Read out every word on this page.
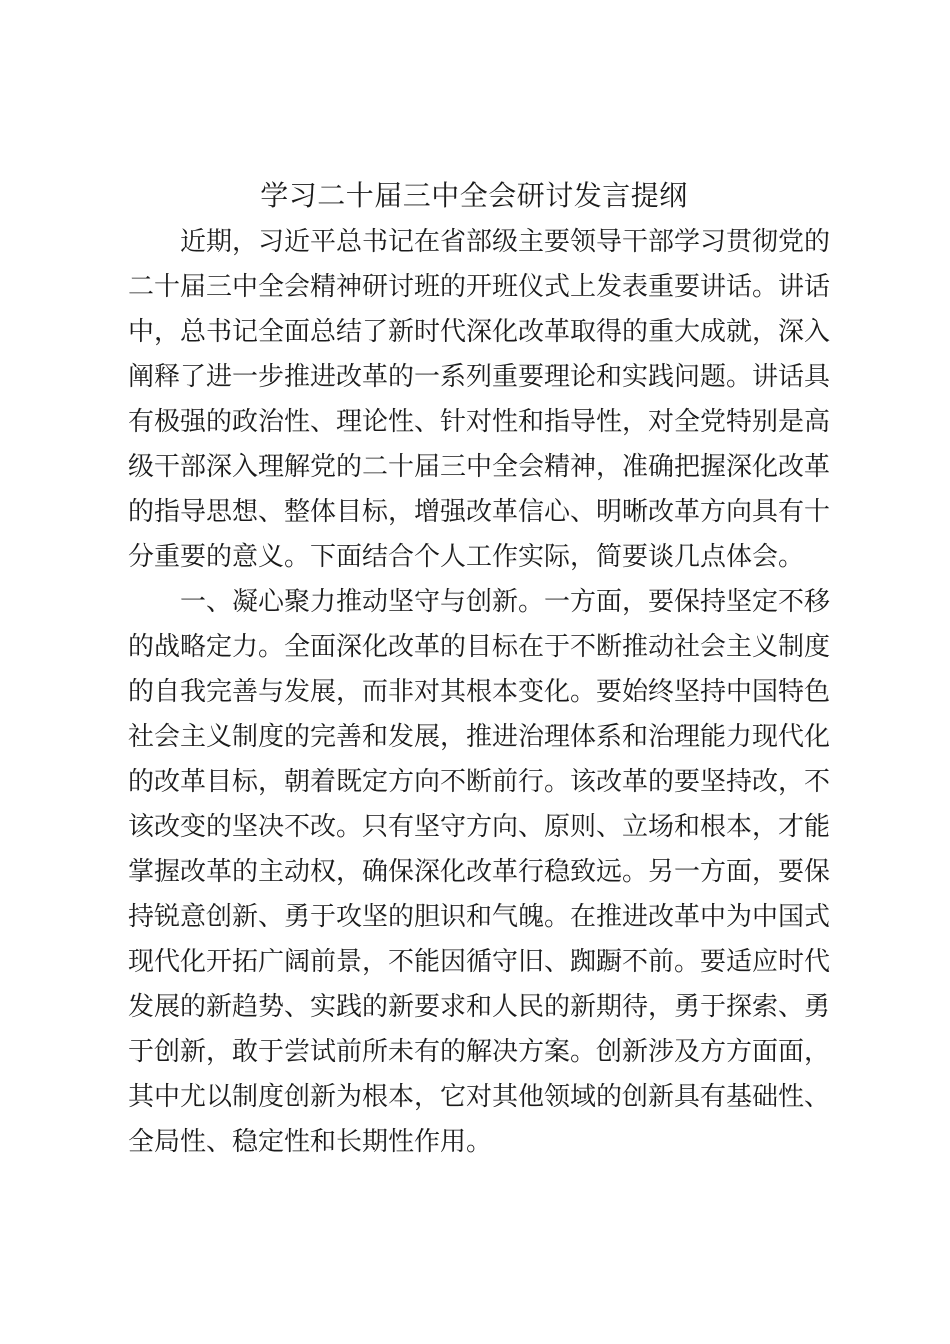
学习二十届三中全会研讨发言提纲
近期，习近平总书记在省部级主要领导干部学习贯彻党的
二十届三中全会精神研讨班的开班仪式上发表重要讲话。讲话
中，总书记全面总结了新时代深化改革取得的重大成就，深入
阐释了进一步推进改革的一系列重要理论和实践问题。讲话具
有极强的政治性、理论性、针对性和指导性，对全党特别是高
级干部深入理解党的二十届三中全会精神，准确把握深化改革
的指导思想、整体目标，增强改革信心、明晰改革方向具有十
分重要的意义。下面结合个人工作实际，简要谈几点体会。
一、凝心聚力推动坚守与创新。一方面，要保持坚定不移
的战略定力。全面深化改革的目标在于不断推动社会主义制度
的自我完善与发展，而非对其根本变化。要始终坚持中国特色
社会主义制度的完善和发展，推进治理体系和治理能力现代化
的改革目标，朝着既定方向不断前行。该改革的要坚持改，不
该改变的坚决不改。只有坚守方向、原则、立场和根本，才能
掌握改革的主动权，确保深化改革行稳致远。另一方面，要保
持锐意创新、勇于攻坚的胆识和气魄。在推进改革中为中国式
现代化开拓广阔前景，不能因循守旧、踟蹰不前。要适应时代
发展的新趋势、实践的新要求和人民的新期待，勇于探索、勇
于创新，敢于尝试前所未有的解决方案。创新涉及方方面面，
其中尤以制度创新为根本，它对其他领域的创新具有基础性、
全局性、稳定性和长期性作用。
